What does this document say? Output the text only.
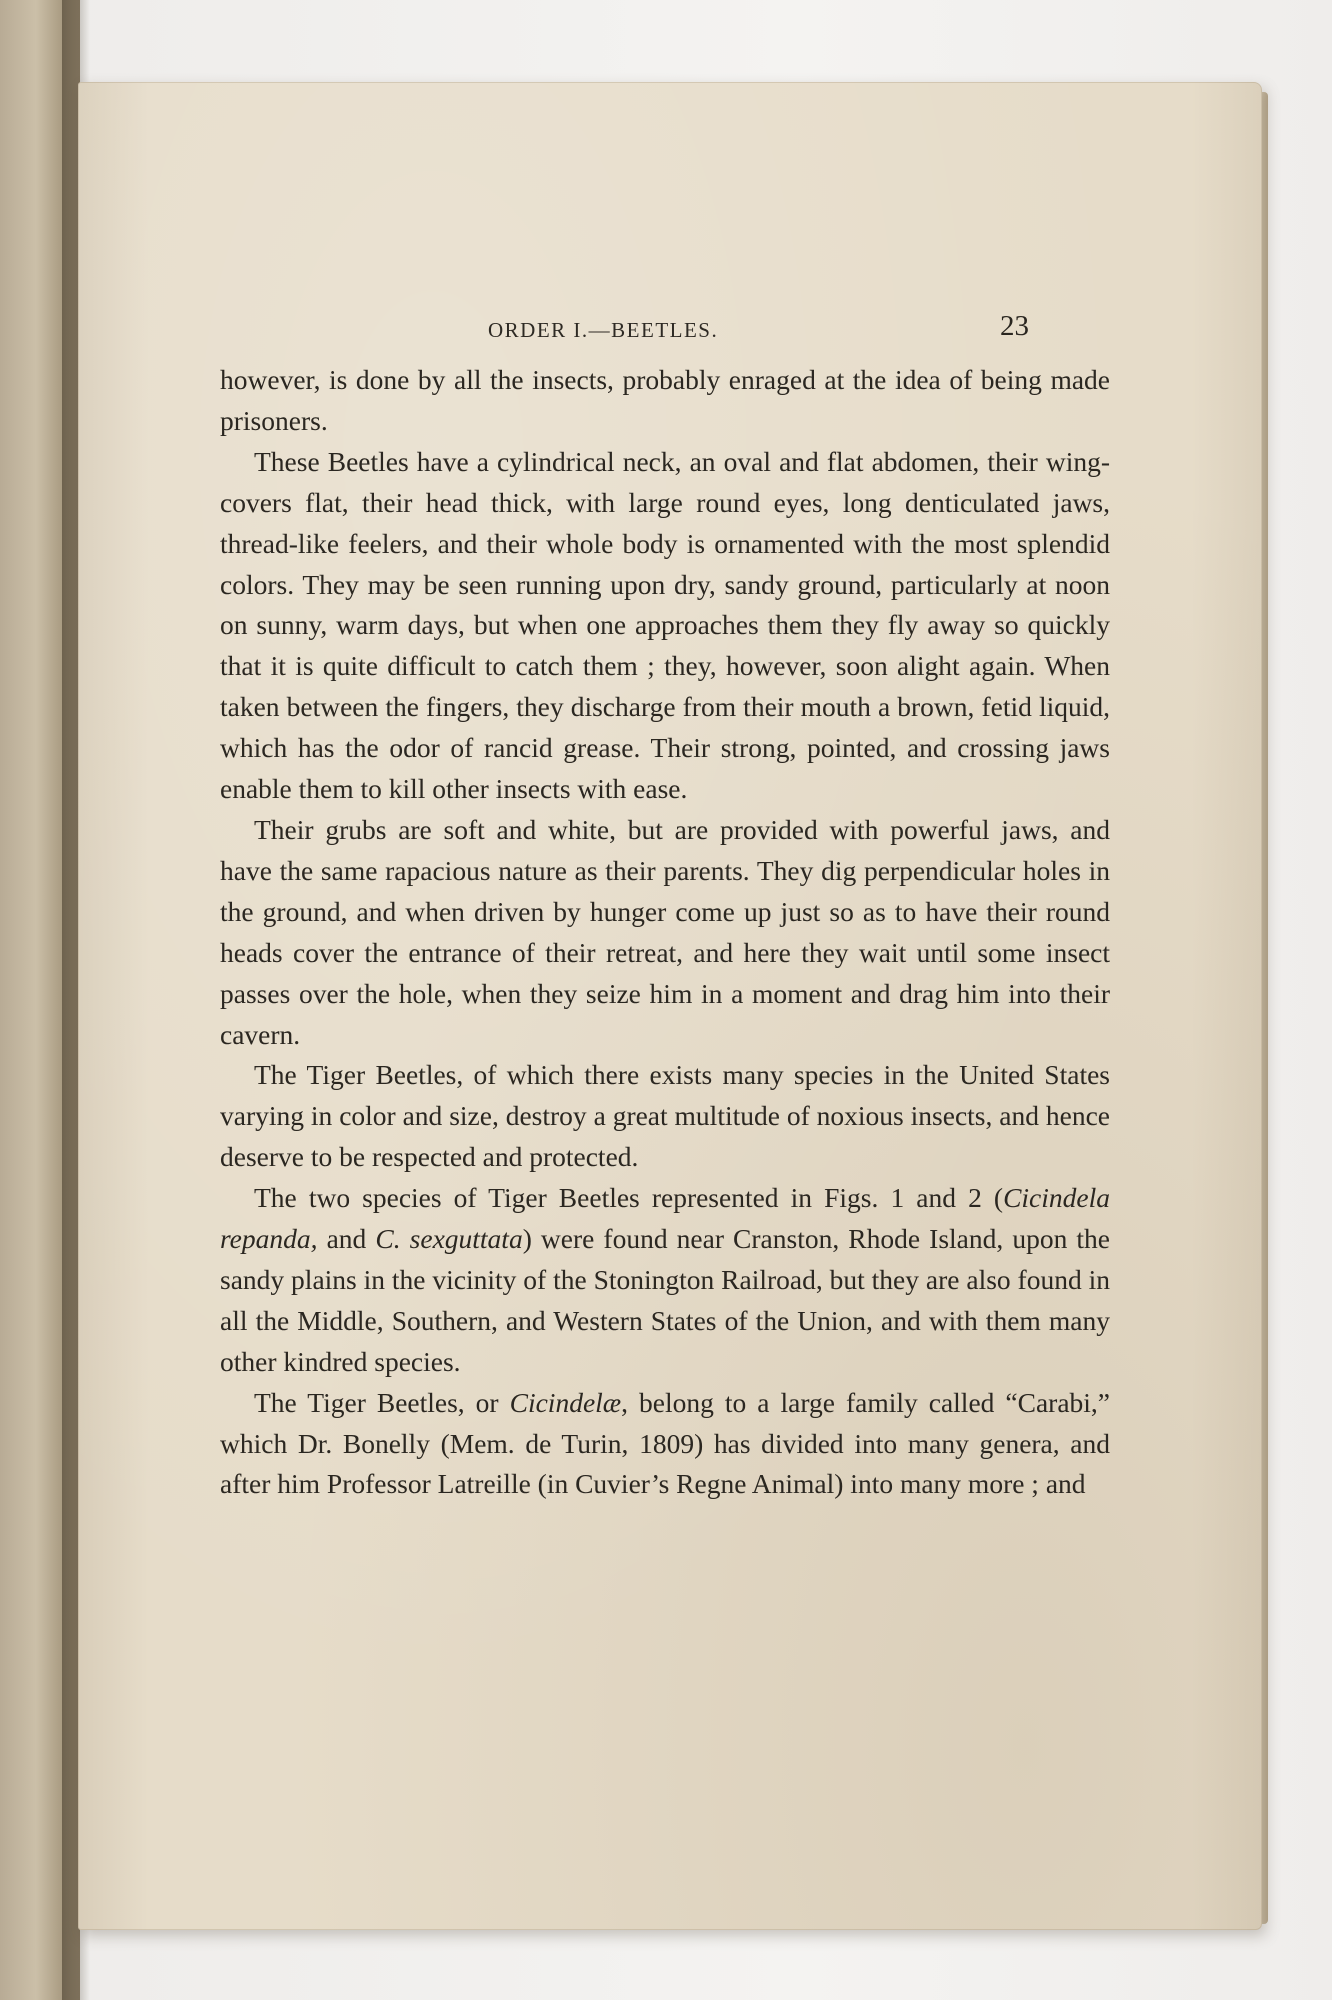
ORDER I.—BEETLES.	23

however, is done by all the insects, probably enraged at the idea of being made prisoners.

These Beetles have a cylindrical neck, an oval and flat abdomen, their wing-covers flat, their head thick, with large round eyes, long denticulated jaws, thread-like feelers, and their whole body is ornamented with the most splendid colors. They may be seen running upon dry, sandy ground, particularly at noon on sunny, warm days, but when one approaches them they fly away so quickly that it is quite difficult to catch them ; they, however, soon alight again. When taken between the fingers, they discharge from their mouth a brown, fetid liquid, which has the odor of rancid grease. Their strong, pointed, and crossing jaws enable them to kill other insects with ease.

Their grubs are soft and white, but are provided with powerful jaws, and have the same rapacious nature as their parents. They dig perpendicular holes in the ground, and when driven by hunger come up just so as to have their round heads cover the entrance of their retreat, and here they wait until some insect passes over the hole, when they seize him in a moment and drag him into their cavern.

The Tiger Beetles, of which there exists many species in the United States varying in color and size, destroy a great multitude of noxious insects, and hence deserve to be respected and protected.

The two species of Tiger Beetles represented in Figs. 1 and 2 (Cicindela repanda, and C. sexguttata) were found near Cranston, Rhode Island, upon the sandy plains in the vicinity of the Stonington Railroad, but they are also found in all the Middle, Southern, and Western States of the Union, and with them many other kindred species.

The Tiger Beetles, or Cicindelæ, belong to a large family called “Carabi,” which Dr. Bonelly (Mem. de Turin, 1809) has divided into many genera, and after him Professor Latreille (in Cuvier’s Regne Animal) into many more ; and
